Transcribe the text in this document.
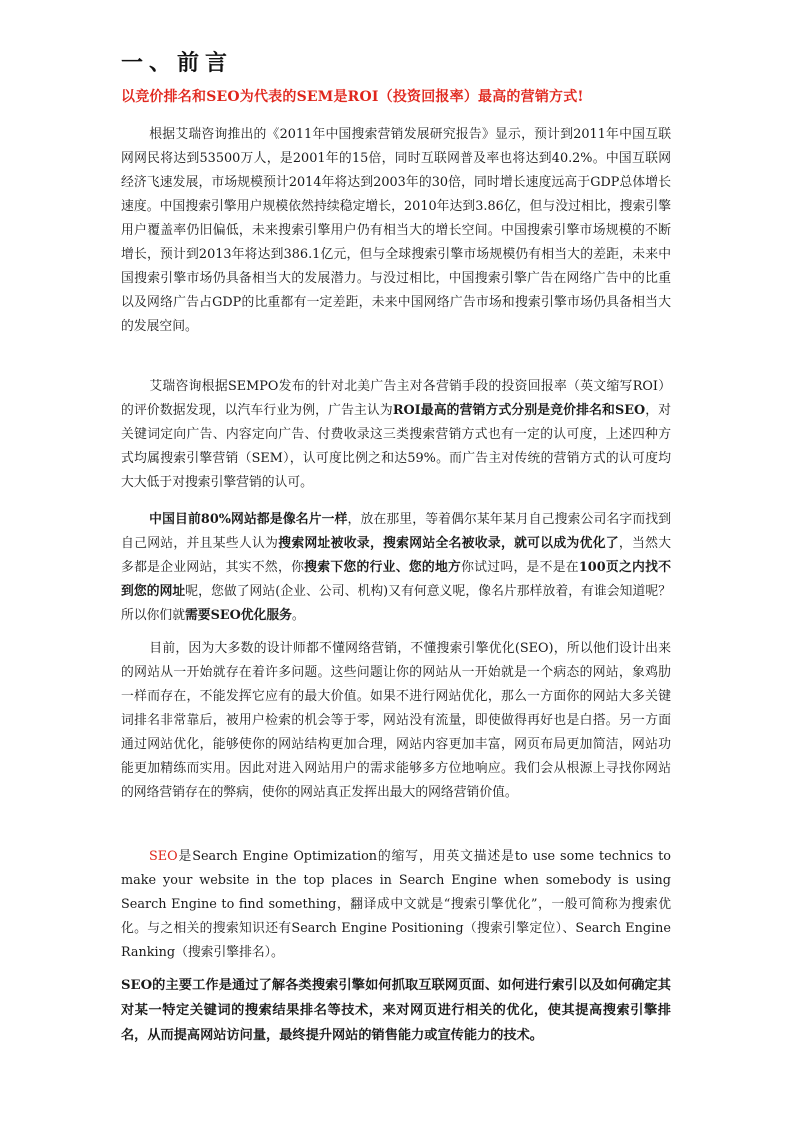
一、前言
以竞价排名和SEO为代表的SEM是ROI（投资回报率）最高的营销方式!

根据艾瑞咨询推出的《2011年中国搜索营销发展研究报告》显示，预计到2011年中国互联网网民将达到53500万人，是2001年的15倍，同时互联网普及率也将达到40.2%。中国互联网经济飞速发展，市场规模预计2014年将达到2003年的30倍，同时增长速度远高于GDP总体增长速度。中国搜索引擎用户规模依然持续稳定增长，2010年达到3.86亿，但与没过相比，搜索引擎用户覆盖率仍旧偏低，未来搜索引擎用户仍有相当大的增长空间。中国搜索引擎市场规模的不断增长，预计到2013年将达到386.1亿元，但与全球搜索引擎市场规模仍有相当大的差距，未来中国搜索引擎市场仍具备相当大的发展潜力。与没过相比，中国搜索引擎广告在网络广告中的比重以及网络广告占GDP的比重都有一定差距，未来中国网络广告市场和搜索引擎市场仍具备相当大的发展空间。

艾瑞咨询根据SEMPO发布的针对北美广告主对各营销手段的投资回报率（英文缩写ROI）的评价数据发现，以汽车行业为例，广告主认为ROI最高的营销方式分别是竞价排名和SEO，对关键词定向广告、内容定向广告、付费收录这三类搜索营销方式也有一定的认可度，上述四种方式均属搜索引擎营销（SEM），认可度比例之和达59%。而广告主对传统的营销方式的认可度均大大低于对搜索引擎营销的认可。

中国目前80%网站都是像名片一样，放在那里，等着偶尔某年某月自己搜索公司名字而找到自己网站，并且某些人认为搜索网址被收录，搜索网站全名被收录，就可以成为优化了，当然大多都是企业网站，其实不然，你搜索下您的行业、您的地方你试过吗，是不是在100页之内找不到您的网址呢，您做了网站(企业、公司、机构)又有何意义呢，像名片那样放着，有谁会知道呢？所以你们就需要SEO优化服务。

目前，因为大多数的设计师都不懂网络营销，不懂搜索引擎优化(SEO)，所以他们设计出来的网站从一开始就存在着许多问题。这些问题让你的网站从一开始就是一个病态的网站，象鸡肋一样而存在，不能发挥它应有的最大价值。如果不进行网站优化，那么一方面你的网站大多关键词排名非常靠后，被用户检索的机会等于零，网站没有流量，即使做得再好也是白搭。另一方面通过网站优化，能够使你的网站结构更加合理，网站内容更加丰富，网页布局更加简洁，网站功能更加精练而实用。因此对进入网站用户的需求能够多方位地响应。我们会从根源上寻找你网站的网络营销存在的弊病，使你的网站真正发挥出最大的网络营销价值。

SEO是Search Engine Optimization的缩写，用英文描述是to use some technics to make your website in the top places in Search Engine when somebody is using Search Engine to find something，翻译成中文就是“搜索引擎优化”，一般可简称为搜索优化。与之相关的搜索知识还有Search Engine Positioning（搜索引擎定位）、Search Engine Ranking（搜索引擎排名）。

SEO的主要工作是通过了解各类搜索引擎如何抓取互联网页面、如何进行索引以及如何确定其对某一特定关键词的搜索结果排名等技术，来对网页进行相关的优化，使其提高搜索引擎排名，从而提高网站访问量，最终提升网站的销售能力或宣传能力的技术。
